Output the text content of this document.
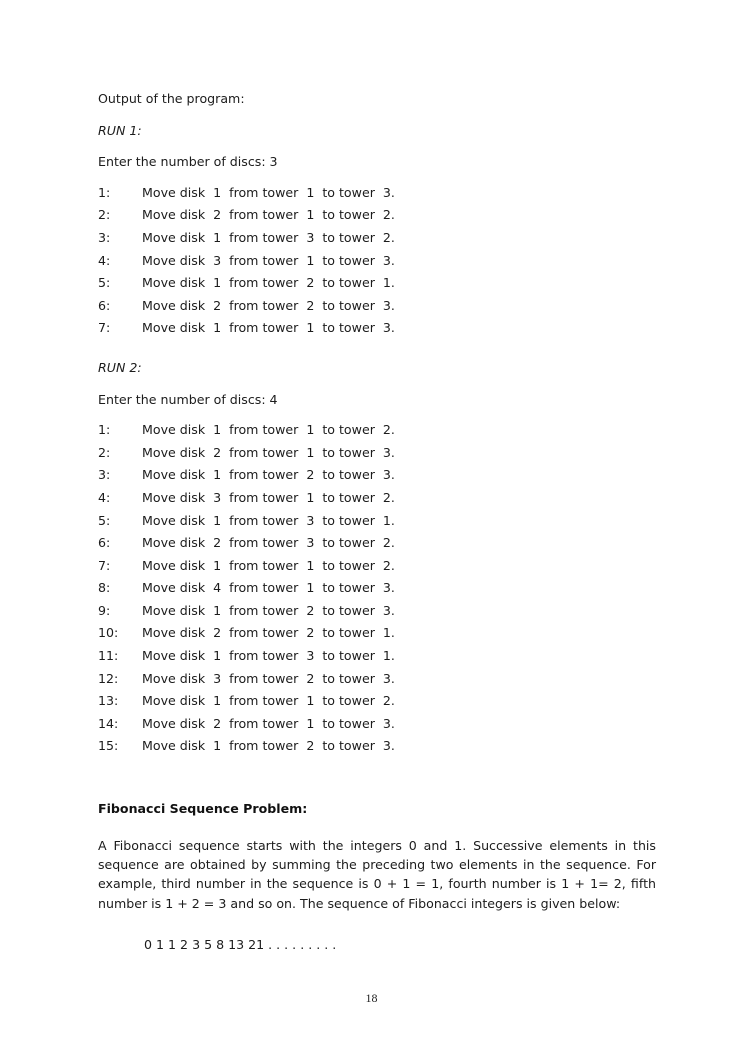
Output of the program:
RUN 1:
Enter the number of discs: 3
1:	Move disk  1  from tower  1  to tower  3.
2:	Move disk  2  from tower  1  to tower  2.
3:	Move disk  1  from tower  3  to tower  2.
4:	Move disk  3  from tower  1  to tower  3.
5:	Move disk  1  from tower  2  to tower  1.
6:	Move disk  2  from tower  2  to tower  3.
7:	Move disk  1  from tower  1  to tower  3.
RUN 2:
Enter the number of discs: 4
1:	Move disk  1  from tower  1  to tower  2.
2:	Move disk  2  from tower  1  to tower  3.
3:	Move disk  1  from tower  2  to tower  3.
4:	Move disk  3  from tower  1  to tower  2.
5:	Move disk  1  from tower  3  to tower  1.
6:	Move disk  2  from tower  3  to tower  2.
7:	Move disk  1  from tower  1  to tower  2.
8:	Move disk  4  from tower  1  to tower  3.
9:	Move disk  1  from tower  2  to tower  3.
10:	Move disk  2  from tower  2  to tower  1.
11:	Move disk  1  from tower  3  to tower  1.
12:	Move disk  3  from tower  2  to tower  3.
13:	Move disk  1  from tower  1  to tower  2.
14:	Move disk  2  from tower  1  to tower  3.
15:	Move disk  1  from tower  2  to tower  3.
Fibonacci Sequence Problem:

A Fibonacci sequence starts with the integers 0 and 1. Successive elements in this sequence are obtained by summing the preceding two elements in the sequence. For example, third number in the sequence is 0 + 1 = 1, fourth number is 1 + 1= 2, fifth number is 1 + 2 = 3 and so on. The sequence of Fibonacci integers is given below:

0 1 1 2 3 5 8 13 21 . . . . . . . . .
18
